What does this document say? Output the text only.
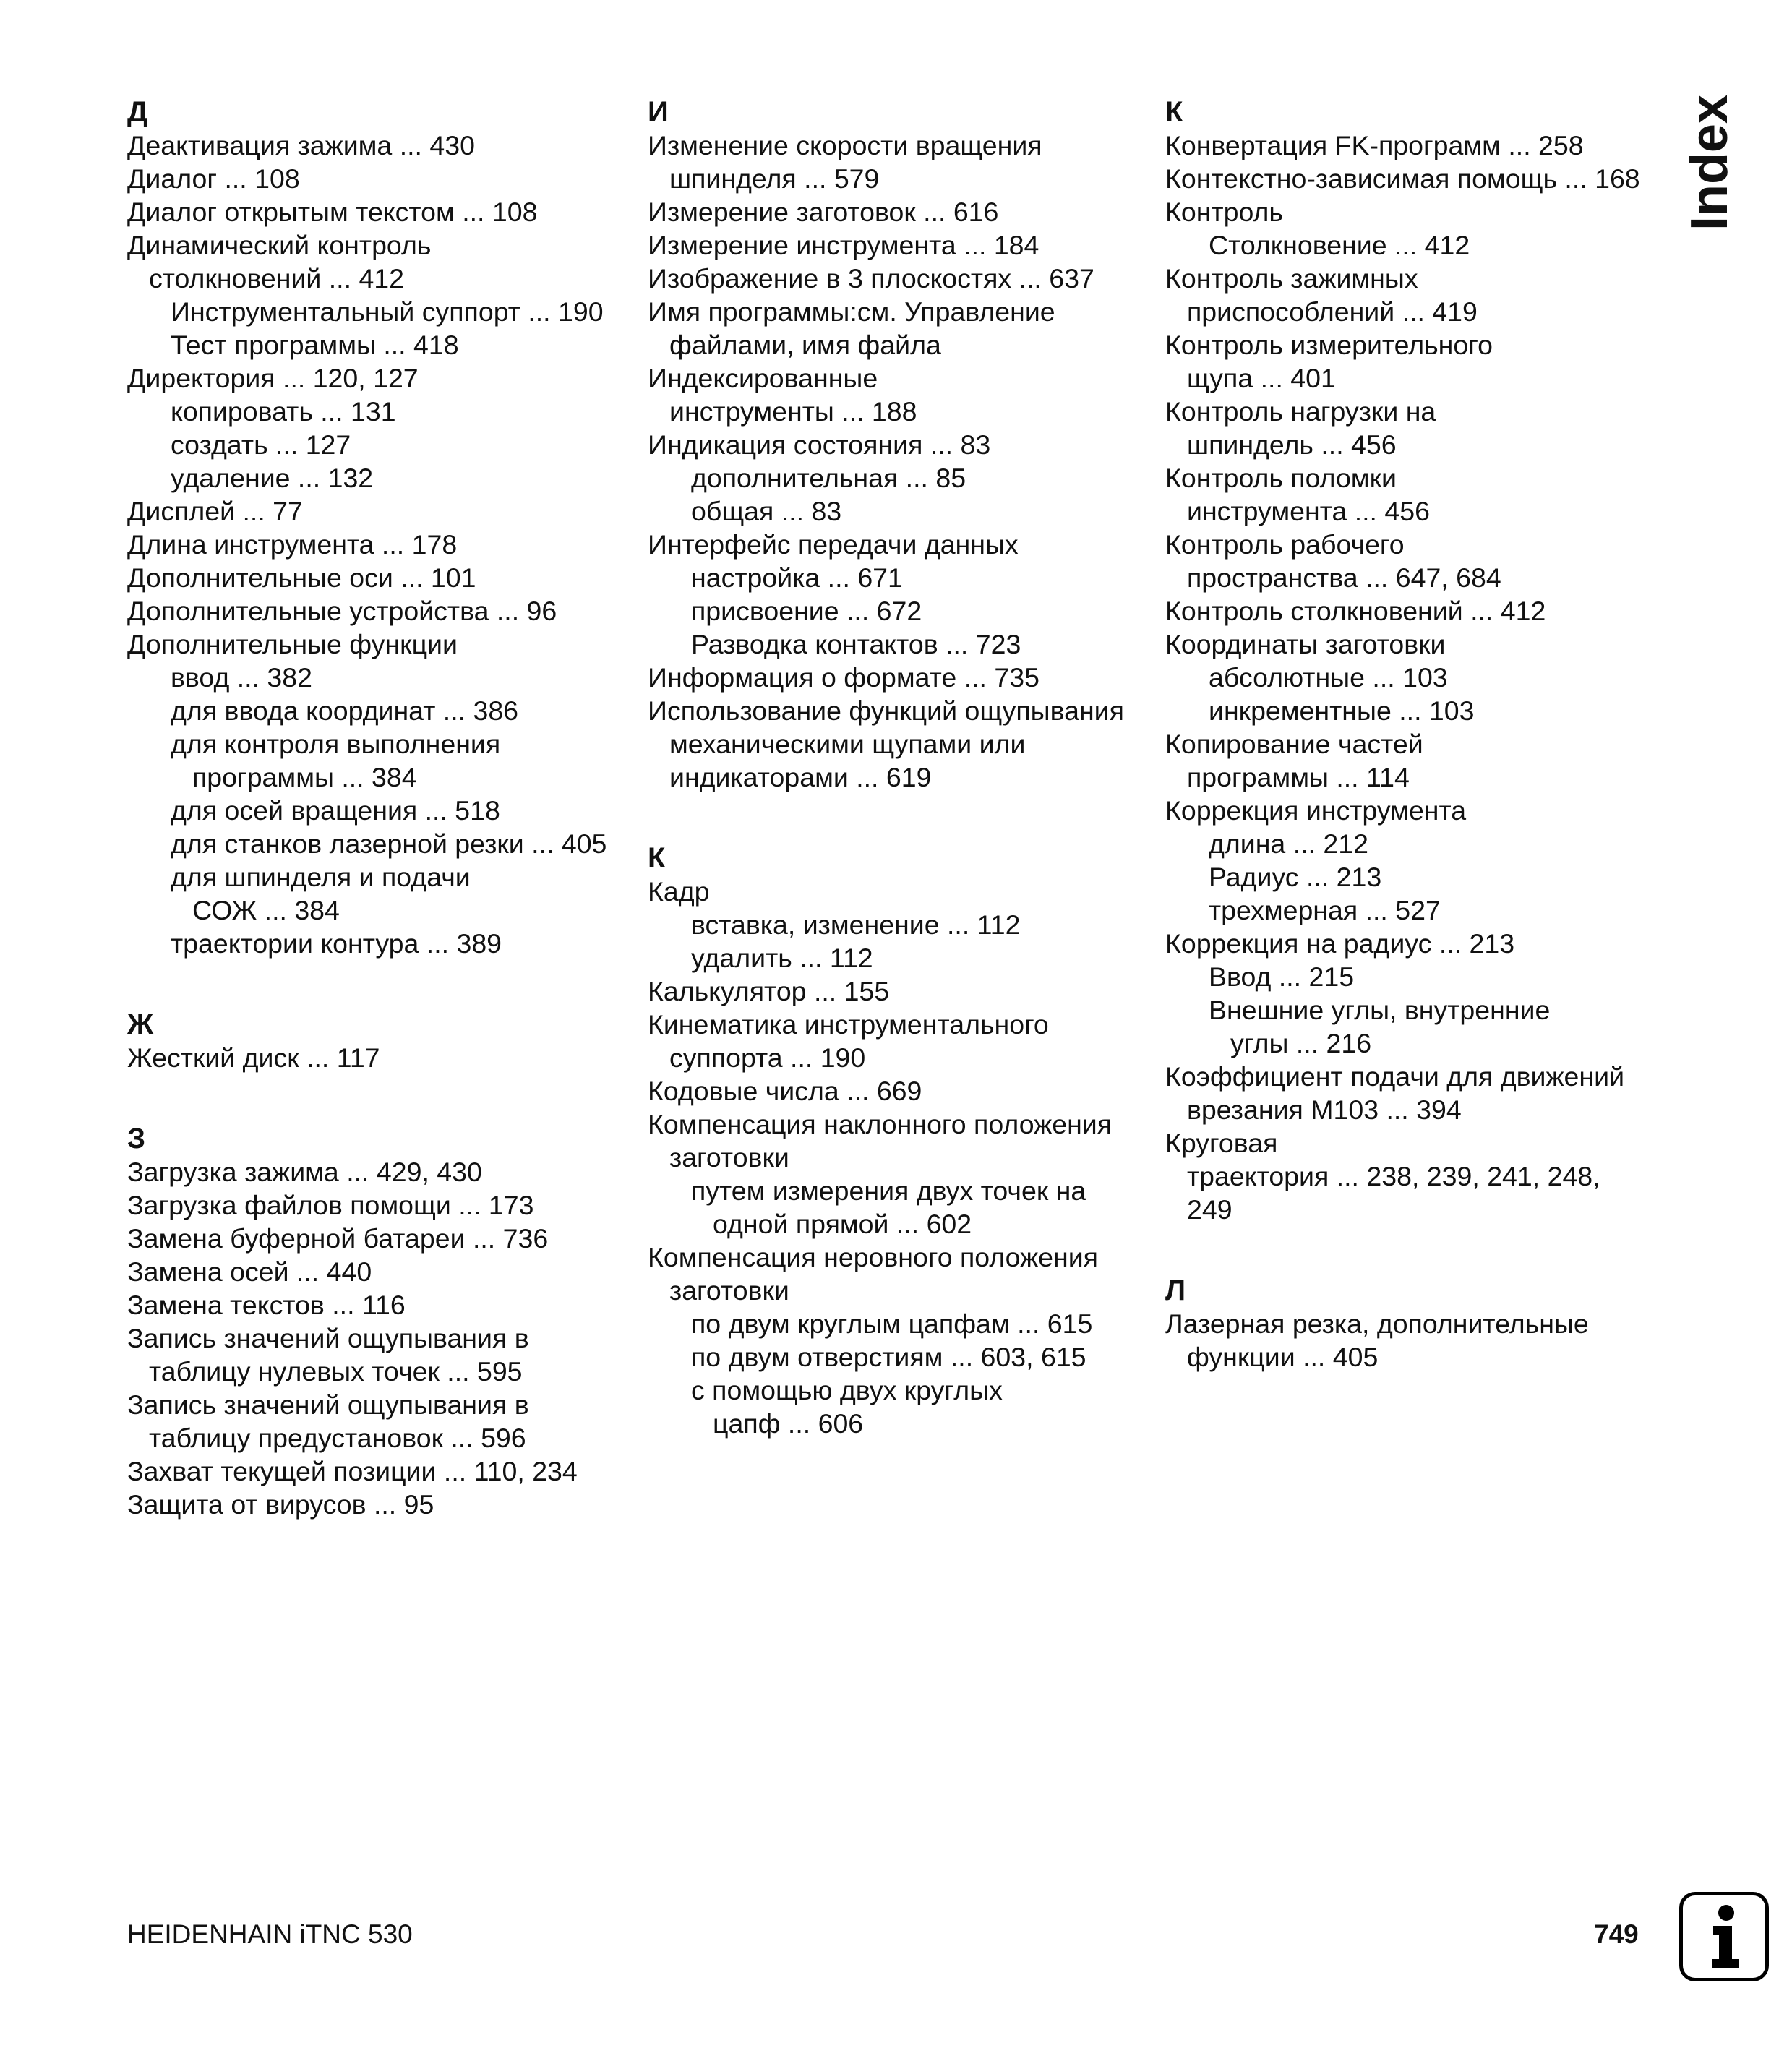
Д
Деактивация зажима ... 430
Диалог ... 108
Диалог открытым текстом ... 108
Динамический контроль
столкновений ... 412
Инструментальный суппорт ... 190
Тест программы ... 418
Директория ... 120, 127
копировать ... 131
создать ... 127
удаление ... 132
Дисплей ... 77
Длина инструмента ... 178
Дополнительные оси ... 101
Дополнительные устройства ... 96
Дополнительные функции
ввод ... 382
для ввода координат ... 386
для контроля выполнения
программы ... 384
для осей вращения ... 518
для станков лазерной резки ... 405
для шпинделя и подачи
СОЖ ... 384
траектории контура ... 389
Ж
Жесткий диск ... 117
З
Загрузка зажима ... 429, 430
Загрузка файлов помощи ... 173
Замена буферной батареи ... 736
Замена осей ... 440
Замена текстов ... 116
Запись значений ощупывания в
таблицу нулевых точек ... 595
Запись значений ощупывания в
таблицу предустановок ... 596
Захват текущей позиции ... 110, 234
Защита от вирусов ... 95
И
Изменение скорости вращения
шпинделя ... 579
Измерение заготовок ... 616
Измерение инструмента ... 184
Изображение в 3 плоскостях ... 637
Имя программы:см. Управление
файлами, имя файла
Индексированные
инструменты ... 188
Индикация состояния ... 83
дополнительная ... 85
общая ... 83
Интерфейс передачи данных
настройка ... 671
присвоение ... 672
Разводка контактов ... 723
Информация о формате ... 735
Использование функций ощупывания
механическими щупами или
индикаторами ... 619
К
Кадр
вставка, изменение ... 112
удалить ... 112
Калькулятор ... 155
Кинематика инструментального
суппорта ... 190
Кодовые числа ... 669
Компенсация наклонного положения
заготовки
путем измерения двух точек на
одной прямой ... 602
Компенсация неровного положения
заготовки
по двум круглым цапфам ... 615
по двум отверстиям ... 603, 615
с помощью двух круглых
цапф ... 606
К
Конвертация FK-программ ... 258
Контекстно-зависимая помощь ... 168
Контроль
Столкновение ... 412
Контроль зажимных
приспособлений ... 419
Контроль измерительного
щупа ... 401
Контроль нагрузки на
шпиндель ... 456
Контроль поломки
инструмента ... 456
Контроль рабочего
пространства ... 647, 684
Контроль столкновений ... 412
Координаты заготовки
абсолютные ... 103
инкрементные ... 103
Копирование частей
программы ... 114
Коррекция инструмента
длина ... 212
Радиус ... 213
трехмерная ... 527
Коррекция на радиус ... 213
Ввод ... 215
Внешние углы, внутренние
углы ... 216
Коэффициент подачи для движений
врезания M103 ... 394
Круговая
траектория ... 238, 239, 241, 248,
249
Л
Лазерная резка, дополнительные
функции ... 405
Index
HEIDENHAIN iTNC 530	749
